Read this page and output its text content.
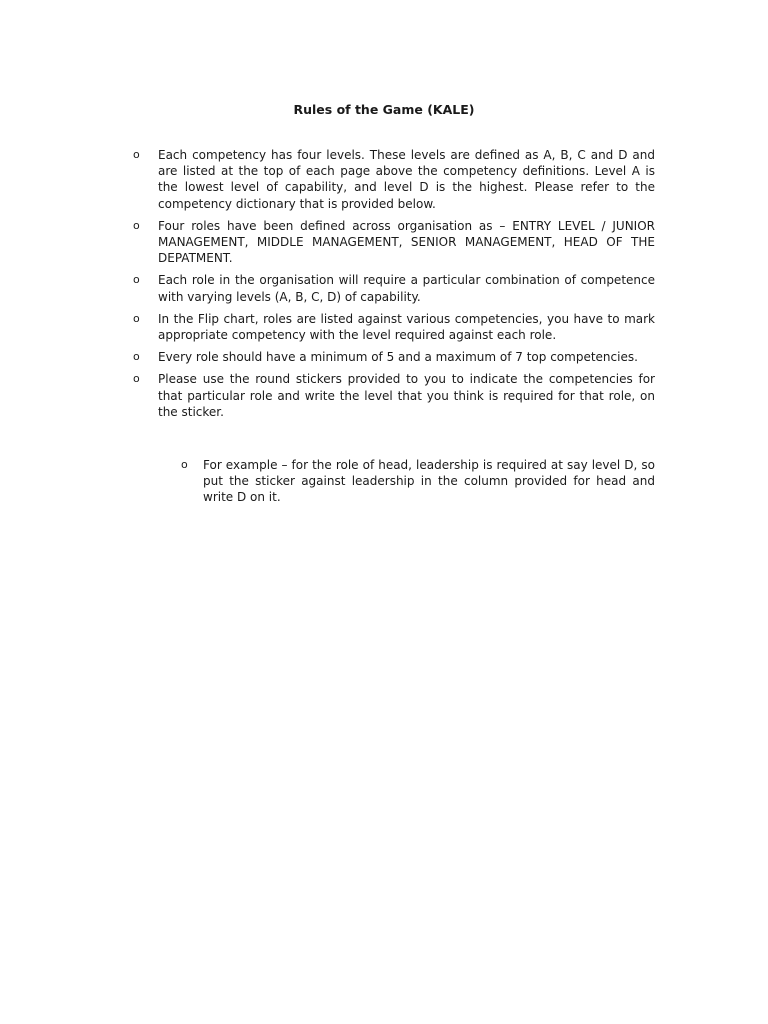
Rules of the Game (KALE)
o Each competency has four levels. These levels are defined as A, B, C and D and are listed at the top of each page above the competency definitions. Level A is the lowest level of capability, and level D is the highest. Please refer to the competency dictionary that is provided below.
o Four roles have been defined across organisation as – ENTRY LEVEL / JUNIOR MANAGEMENT, MIDDLE MANAGEMENT, SENIOR MANAGEMENT, HEAD OF THE DEPATMENT.
o Each role in the organisation will require a particular combination of competence with varying levels (A, B, C, D) of capability.
o In the Flip chart, roles are listed against various competencies, you have to mark appropriate competency with the level required against each role.
o Every role should have a minimum of 5 and a maximum of 7 top competencies.
o Please use the round stickers provided to you to indicate the competencies for that particular role and write the level that you think is required for that role, on the sticker.
o For example – for the role of head, leadership is required at say level D, so put the sticker against leadership in the column provided for head and write D on it.
